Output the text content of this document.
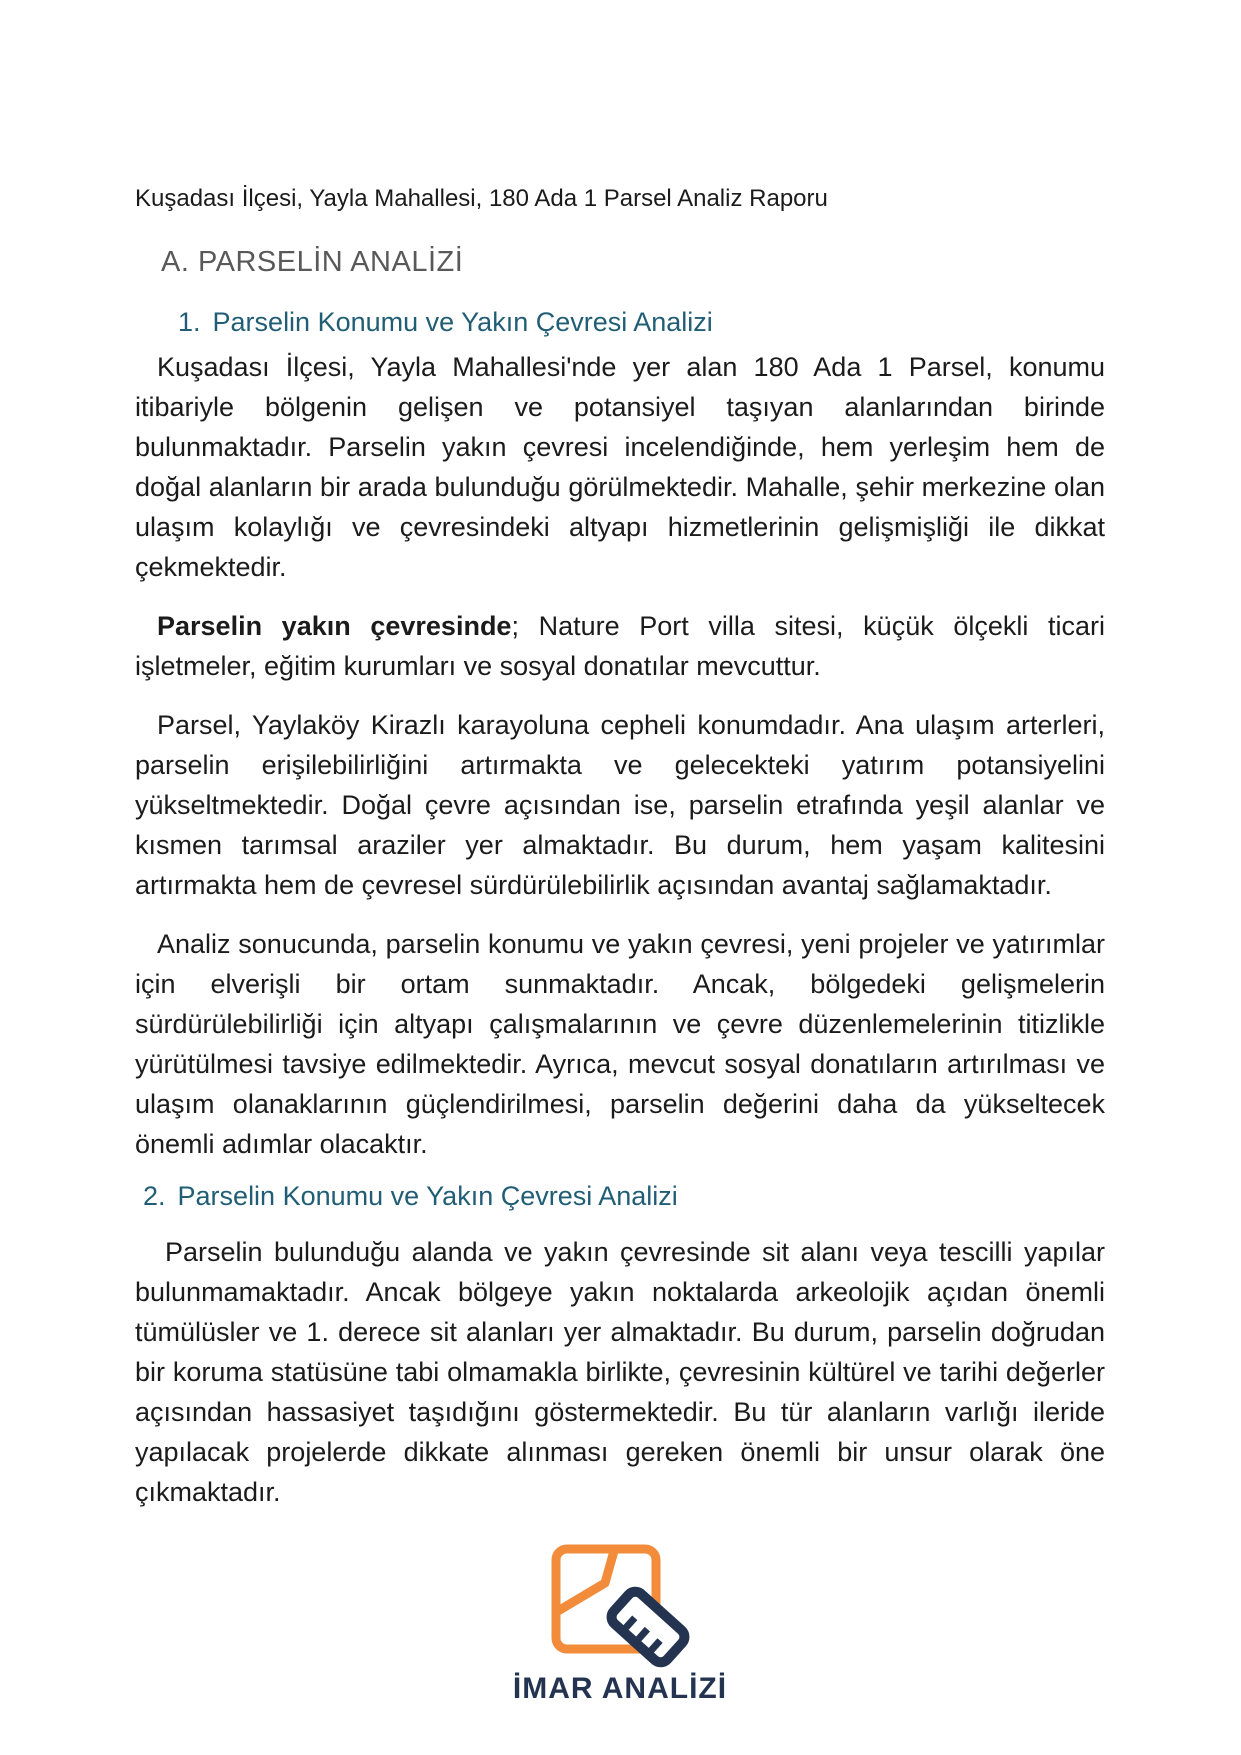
Kuşadası İlçesi, Yayla Mahallesi, 180 Ada 1 Parsel Analiz Raporu
A. PARSELİN ANALİZİ
1. Parselin Konumu ve Yakın Çevresi Analizi

Kuşadası İlçesi, Yayla Mahallesi'nde yer alan 180 Ada 1 Parsel, konumu itibariyle bölgenin gelişen ve potansiyel taşıyan alanlarından birinde bulunmaktadır. Parselin yakın çevresi incelendiğinde, hem yerleşim hem de doğal alanların bir arada bulunduğu görülmektedir. Mahalle, şehir merkezine olan ulaşım kolaylığı ve çevresindeki altyapı hizmetlerinin gelişmişliği ile dikkat çekmektedir.

Parselin yakın çevresinde; Nature Port villa sitesi, küçük ölçekli ticari işletmeler, eğitim kurumları ve sosyal donatılar mevcuttur.

Parsel, Yaylaköy Kirazlı karayoluna cepheli konumdadır. Ana ulaşım arterleri, parselin erişilebilirliğini artırmakta ve gelecekteki yatırım potansiyelini yükseltmektedir. Doğal çevre açısından ise, parselin etrafında yeşil alanlar ve kısmen tarımsal araziler yer almaktadır. Bu durum, hem yaşam kalitesini artırmakta hem de çevresel sürdürülebilirlik açısından avantaj sağlamaktadır.

Analiz sonucunda, parselin konumu ve yakın çevresi, yeni projeler ve yatırımlar için elverişli bir ortam sunmaktadır. Ancak, bölgedeki gelişmelerin sürdürülebilirliği için altyapı çalışmalarının ve çevre düzenlemelerinin titizlikle yürütülmesi tavsiye edilmektedir. Ayrıca, mevcut sosyal donatıların artırılması ve ulaşım olanaklarının güçlendirilmesi, parselin değerini daha da yükseltecek önemli adımlar olacaktır.

2. Parselin Konumu ve Yakın Çevresi Analizi

Parselin bulunduğu alanda ve yakın çevresinde sit alanı veya tescilli yapılar bulunmamaktadır. Ancak bölgeye yakın noktalarda arkeolojik açıdan önemli tümülüsler ve 1. derece sit alanları yer almaktadır. Bu durum, parselin doğrudan bir koruma statüsüne tabi olmamakla birlikte, çevresinin kültürel ve tarihi değerler açısından hassasiyet taşıdığını göstermektedir. Bu tür alanların varlığı ileride yapılacak projelerde dikkate alınması gereken önemli bir unsur olarak öne çıkmaktadır.

İMAR ANALİZİ
